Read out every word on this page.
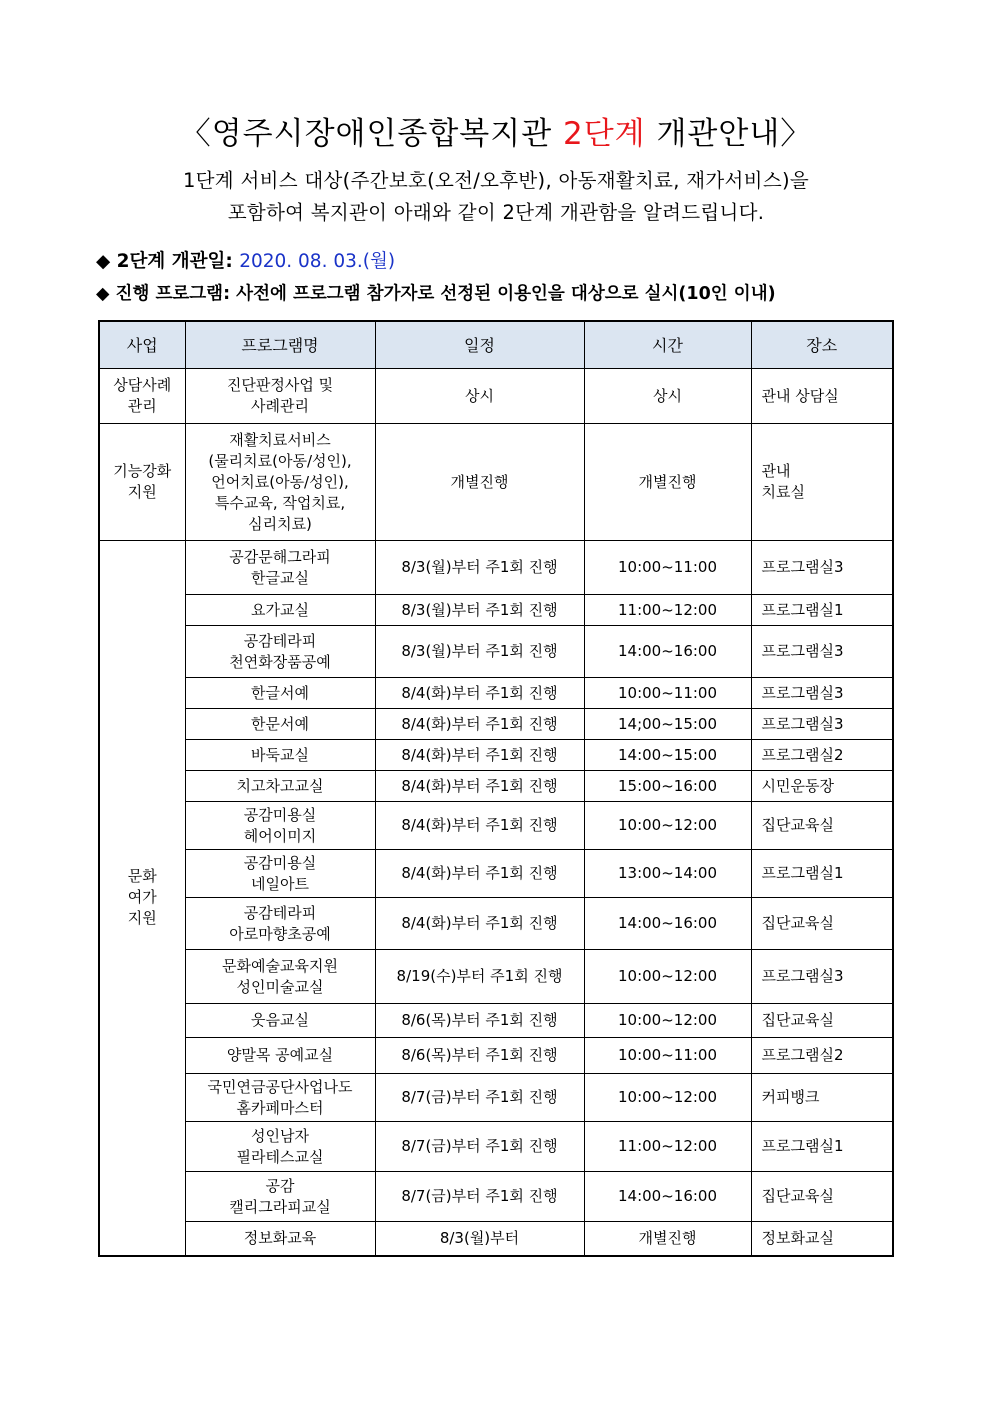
〈영주시장애인종합복지관 2단계 개관안내〉
1단계 서비스 대상(주간보호(오전/오후반), 아동재활치료, 재가서비스)을
포함하여 복지관이 아래와 같이 2단계 개관함을 알려드립니다.
◆ 2단계 개관일: 2020. 08. 03.(월)
◆ 진행 프로그램: 사전에 프로그램 참가자로 선정된 이용인을 대상으로 실시(10인 이내)
사업	프로그램명	일정	시간	장소
상담사례
관리	진단판정사업 및
사례관리	상시	상시	관내 상담실
기능강화
지원	재활치료서비스
(물리치료(아동/성인),
언어치료(아동/성인),
특수교육, 작업치료,
심리치료)	개별진행	개별진행	관내
치료실
문화
여가
지원	공감문해그라피
한글교실	8/3(월)부터 주1회 진행	10:00~11:00	프로그램실3
	요가교실	8/3(월)부터 주1회 진행	11:00~12:00	프로그램실1
	공감테라피
천연화장품공예	8/3(월)부터 주1회 진행	14:00~16:00	프로그램실3
	한글서예	8/4(화)부터 주1회 진행	10:00~11:00	프로그램실3
	한문서예	8/4(화)부터 주1회 진행	14;00~15:00	프로그램실3
	바둑교실	8/4(화)부터 주1회 진행	14:00~15:00	프로그램실2
	치고차고교실	8/4(화)부터 주1회 진행	15:00~16:00	시민운동장
	공감미용실
헤어이미지	8/4(화)부터 주1회 진행	10:00~12:00	집단교육실
	공감미용실
네일아트	8/4(화)부터 주1회 진행	13:00~14:00	프로그램실1
	공감테라피
아로마향초공예	8/4(화)부터 주1회 진행	14:00~16:00	집단교육실
	문화예술교육지원
성인미술교실	8/19(수)부터 주1회 진행	10:00~12:00	프로그램실3
	웃음교실	8/6(목)부터 주1회 진행	10:00~12:00	집단교육실
	양말목 공예교실	8/6(목)부터 주1회 진행	10:00~11:00	프로그램실2
	국민연금공단사업나도
홈카페마스터	8/7(금)부터 주1회 진행	10:00~12:00	커피뱅크
	성인남자
필라테스교실	8/7(금)부터 주1회 진행	11:00~12:00	프로그램실1
	공감
캘리그라피교실	8/7(금)부터 주1회 진행	14:00~16:00	집단교육실
	정보화교육	8/3(월)부터	개별진행	정보화교실
